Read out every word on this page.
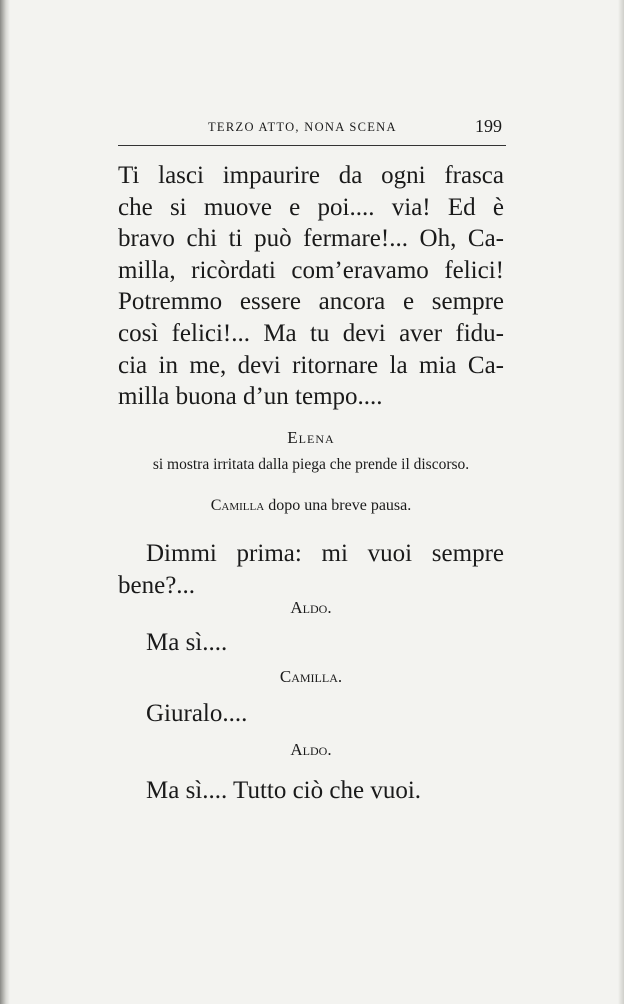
TERZO ATTO, NONA SCENA	199
Ti lasci impaurire da ogni frasca
che si muove e poi.... via! Ed è
bravo chi ti può fermare!... Oh, Ca-
milla, ricòrdati com’eravamo felici!
Potremmo essere ancora e sempre
così felici!... Ma tu devi aver fidu-
cia in me, devi ritornare la mia Ca-
milla buona d’un tempo....
Elena
si mostra irritata dalla piega che prende il discorso.
Camilla dopo una breve pausa.
Dimmi prima: mi vuoi sempre
bene?...
Aldo.
Ma sì....
Camilla.
Giuralo....
Aldo.
Ma sì.... Tutto ciò che vuoi.
